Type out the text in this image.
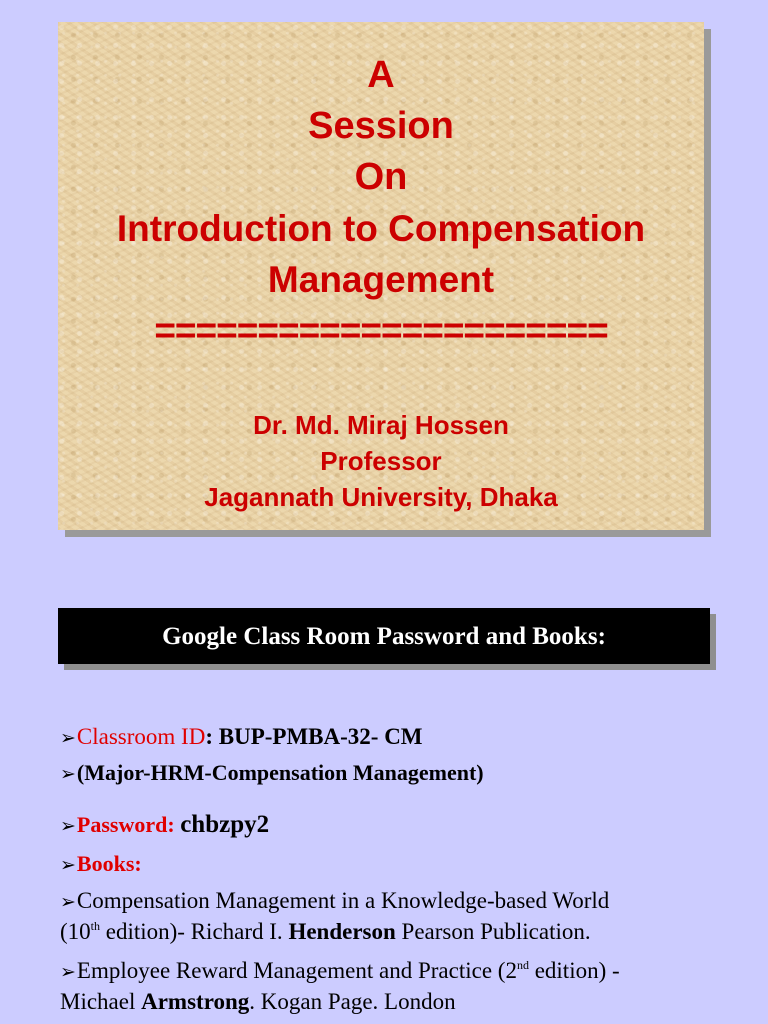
A
Session
On
Introduction to Compensation
Management
======================
Dr. Md. Miraj Hossen
Professor
Jagannath University, Dhaka
Google Class Room Password and Books:
➢Classroom ID: BUP-PMBA-32- CM
➢(Major-HRM-Compensation Management)
➢Password: chbzpy2
➢Books:
➢Compensation Management in a Knowledge-based World
(10th edition)- Richard I. Henderson Pearson Publication.
➢Employee Reward Management and Practice (2nd edition) -
Michael Armstrong. Kogan Page. London
